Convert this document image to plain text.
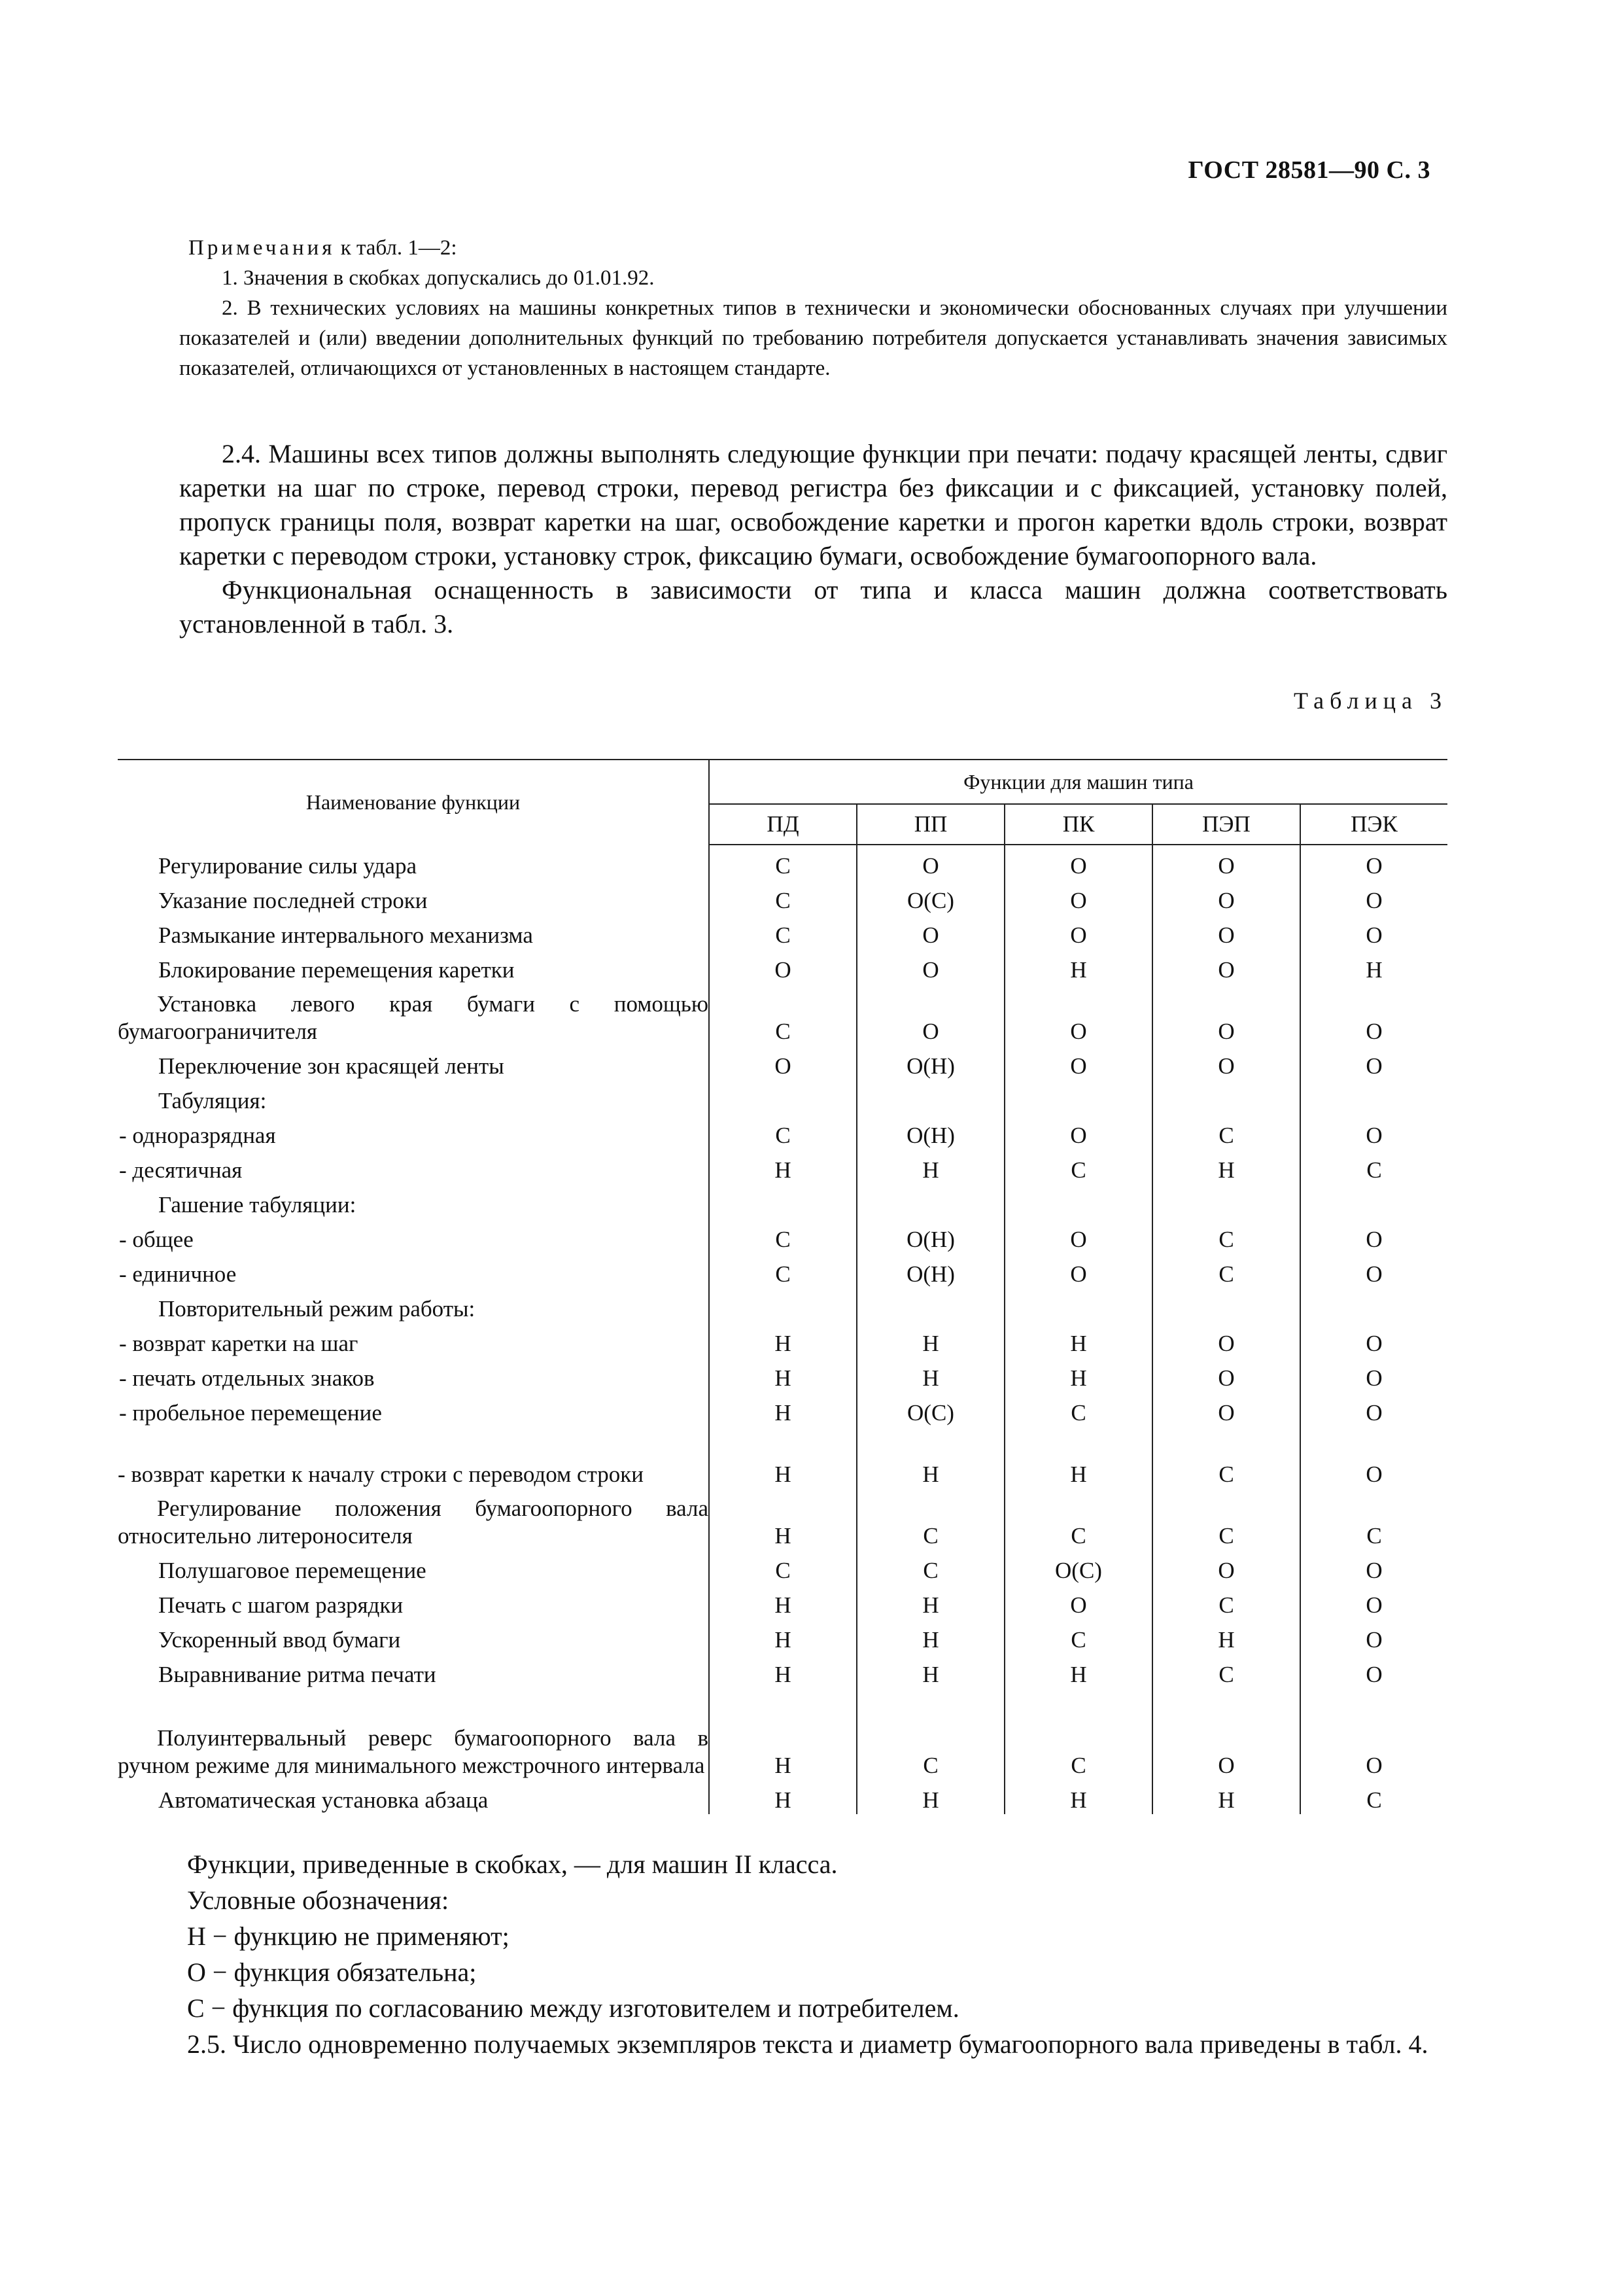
ГОСТ 28581—90 С. 3

Примечания к табл. 1—2:

1. Значения в скобках допускались до 01.01.92.

2. В технических условиях на машины конкретных типов в технически и экономически обоснованных случаях при улучшении показателей и (или) введении дополнительных функций по требованию потребителя допускается устанавливать значения зависимых показателей, отличающихся от установленных в настоящем стандарте.

2.4. Машины всех типов должны выполнять следующие функции при печати: подачу красящей ленты, сдвиг каретки на шаг по строке, перевод строки, перевод регистра без фиксации и с фиксацией, установку полей, пропуск границы поля, возврат каретки на шаг, освобождение каретки и прогон каретки вдоль строки, возврат каретки с переводом строки, установку строк, фиксацию бумаги, освобождение бумагоопорного вала.

Функциональная оснащенность в зависимости от типа и класса машин должна соответствовать установленной в табл. 3.

Таблица 3
Наименование функции	Функции для машин типа				
	ПД	ПП	ПК	ПЭП	ПЭК
Регулирование силы удара	С	О	О	О	О
Указание последней строки	С	О(С)	О	О	О
Размыкание интервального механизма	С	О	О	О	О
Блокирование перемещения каретки	О	О	Н	О	Н
Установка левого края бумаги с помощью бумагоограничителя	С	О	О	О	О
Переключение зон красящей ленты	О	О(Н)	О	О	О
Табуляция:					
- одноразрядная	С	О(Н)	О	С	О
- десятичная	Н	Н	С	Н	С
Гашение табуляции:					
- общее	С	О(Н)	О	С	О
- единичное	С	О(Н)	О	С	О
Повторительный режим работы:					
- возврат каретки на шаг	Н	Н	Н	О	О
- печать отдельных знаков	Н	Н	Н	О	О
- пробельное перемещение	Н	О(С)	С	О	О
- возврат каретки к началу строки с переводом строки	Н	Н	Н	С	О
Регулирование положения бумагоопорного вала относительно литероносителя	Н	С	С	С	С
Полушаговое перемещение	С	С	О(С)	О	О
Печать с шагом разрядки	Н	Н	О	С	О
Ускоренный ввод бумаги	Н	Н	С	Н	О
Выравнивание ритма печати	Н	Н	Н	С	О
Полуинтервальный реверс бумагоопорного вала в ручном режиме для минимального межстрочного интервала	Н	С	С	О	О
Автоматическая установка абзаца	Н	Н	Н	Н	С

Функции, приведенные в скобках, — для машин II класса.

Условные обозначения:

Н − функцию не применяют;

О − функция обязательна;

С − функция по согласованию между изготовителем и потребителем.

2.5. Число одновременно получаемых экземпляров текста и диаметр бумагоопорного вала приведены в табл. 4.
